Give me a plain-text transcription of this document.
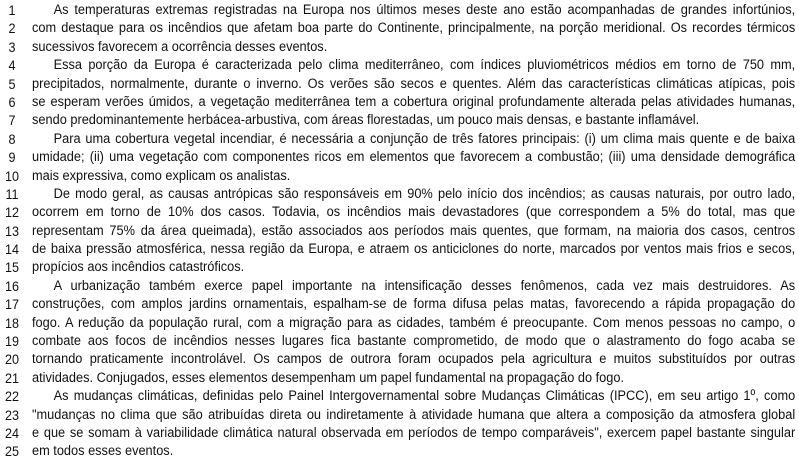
1	As temperaturas extremas registradas na Europa nos últimos meses deste ano estão acompanhadas de grandes infortúnios,
2 com destaque para os incêndios que afetam boa parte do Continente, principalmente, na porção meridional. Os recordes térmicos
3 sucessivos favorecem a ocorrência desses eventos.
4	Essa porção da Europa é caracterizada pelo clima mediterrâneo, com índices pluviométricos médios em torno de 750 mm,
5 precipitados, normalmente, durante o inverno. Os verões são secos e quentes. Além das características climáticas atípicas, pois
6 se esperam verões úmidos, a vegetação mediterrânea tem a cobertura original profundamente alterada pelas atividades humanas,
7 sendo predominantemente herbácea-arbustiva, com áreas florestadas, um pouco mais densas, e bastante inflamável.
8	Para uma cobertura vegetal incendiar, é necessária a conjunção de três fatores principais: (i) um clima mais quente e de baixa
9 umidade; (ii) uma vegetação com componentes ricos em elementos que favorecem a combustão; (iii) uma densidade demográfica
10 mais expressiva, como explicam os analistas.
11	De modo geral, as causas antrópicas são responsáveis em 90% pelo início dos incêndios; as causas naturais, por outro lado,
12 ocorrem em torno de 10% dos casos. Todavia, os incêndios mais devastadores (que correspondem a 5% do total, mas que
13 representam 75% da área queimada), estão associados aos períodos mais quentes, que formam, na maioria dos casos, centros
14 de baixa pressão atmosférica, nessa região da Europa, e atraem os anticiclones do norte, marcados por ventos mais frios e secos,
15 propícios aos incêndios catastróficos.
16	A urbanização também exerce papel importante na intensificação desses fenômenos, cada vez mais destruidores. As
17 construções, com amplos jardins ornamentais, espalham-se de forma difusa pelas matas, favorecendo a rápida propagação do
18 fogo. A redução da população rural, com a migração para as cidades, também é preocupante. Com menos pessoas no campo, o
19 combate aos focos de incêndios nesses lugares fica bastante comprometido, de modo que o alastramento do fogo acaba se
20 tornando praticamente incontrolável. Os campos de outrora foram ocupados pela agricultura e muitos substituídos por outras
21 atividades. Conjugados, esses elementos desempenham um papel fundamental na propagação do fogo.
22	As mudanças climáticas, definidas pelo Painel Intergovernamental sobre Mudanças Climáticas (IPCC), em seu artigo 1º, como
23 "mudanças no clima que são atribuídas direta ou indiretamente à atividade humana que altera a composição da atmosfera global
24 e que se somam à variabilidade climática natural observada em períodos de tempo comparáveis", exercem papel bastante singular
25 em todos esses eventos.
